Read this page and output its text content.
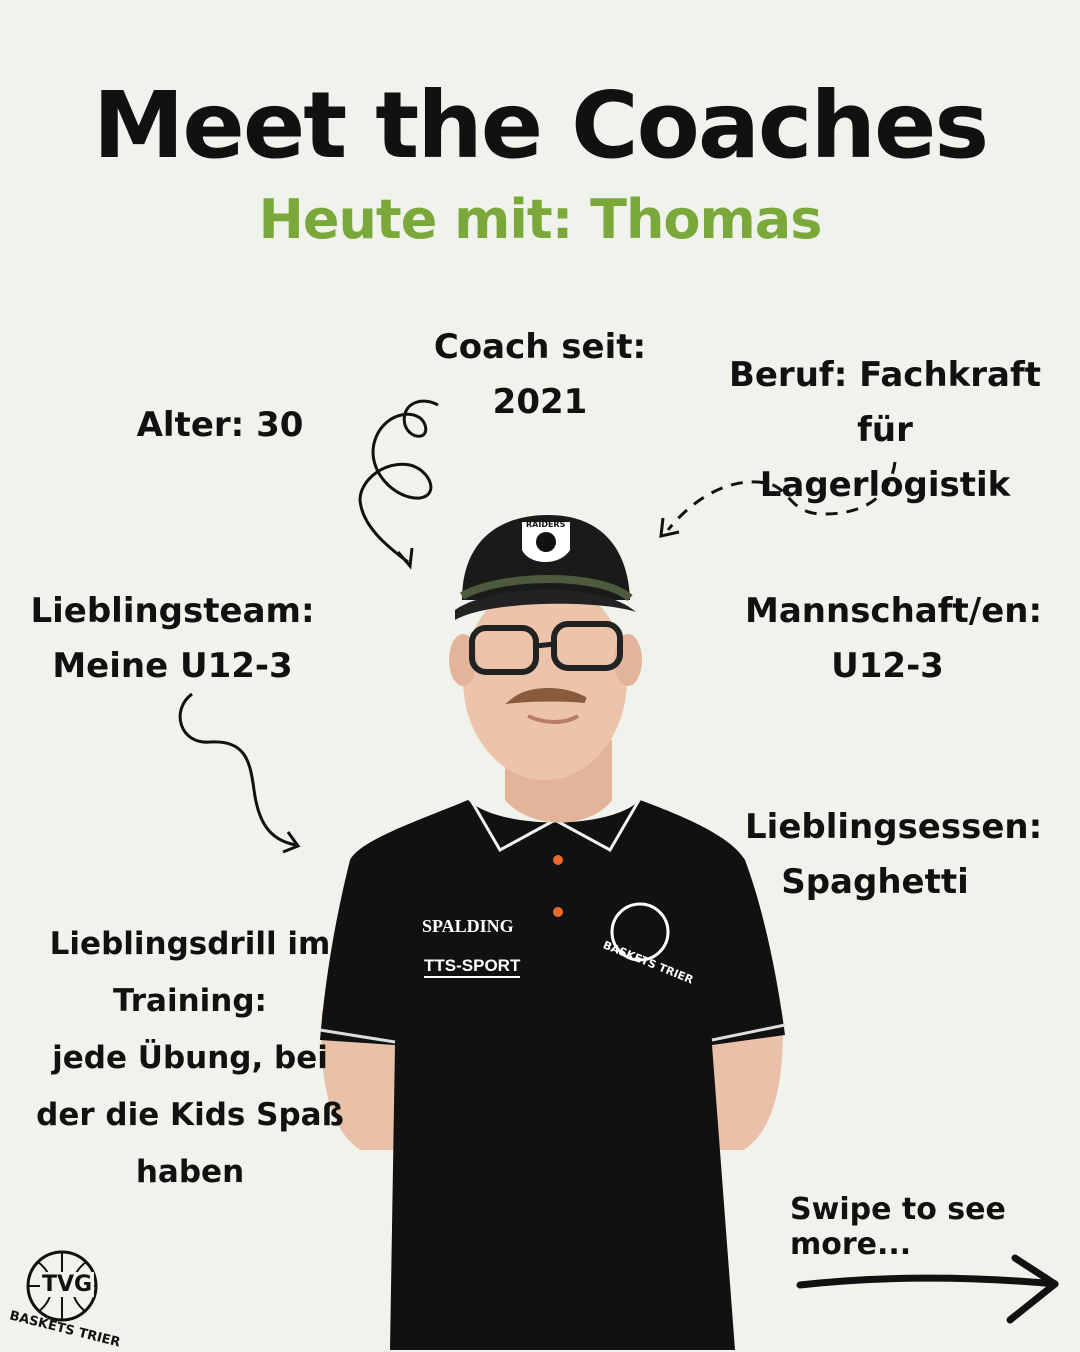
Meet the Coaches
Heute mit: Thomas
SPALDING
TTS-SPORT	BASKETS TRIER
RAIDERS
Alter: 30
Coach seit:
2021
Beruf: Fachkraft für
Lagerlogistik
Lieblingsteam:
Meine U12-3
Mannschaft/en:
U12-3
Lieblingsessen:
Spaghetti
Lieblingsdrill im
Training:
jede Übung, bei
der die Kids Spaß
haben
Swipe to see more...
TVG
BASKETS TRIER
